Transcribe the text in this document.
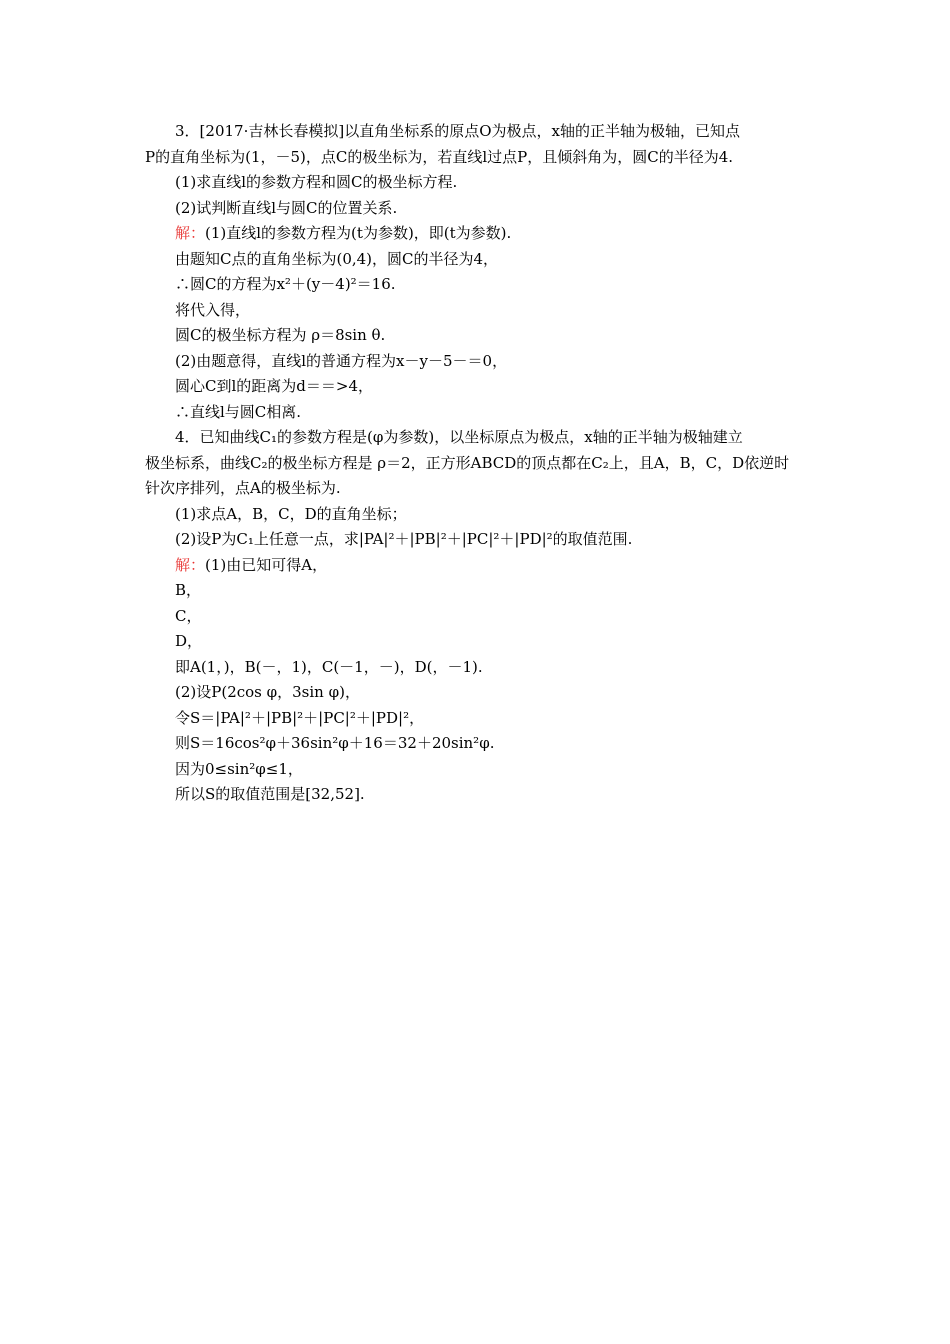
3．[2017·吉林长春模拟]以直角坐标系的原点O为极点，x轴的正半轴为极轴，已知点
P的直角坐标为(1，－5)，点C的极坐标为，若直线l过点P，且倾斜角为，圆C的半径为4.
(1)求直线l的参数方程和圆C的极坐标方程.
(2)试判断直线l与圆C的位置关系.
解：(1)直线l的参数方程为(t为参数)，即(t为参数).
由题知C点的直角坐标为(0,4)，圆C的半径为4，
∴圆C的方程为x²＋(y－4)²＝16.
将代入得，
圆C的极坐标方程为 ρ＝8sin θ.
(2)由题意得，直线l的普通方程为x－y－5－＝0，
圆心C到l的距离为d＝＝>4，
∴直线l与圆C相离.
4．已知曲线C₁的参数方程是(φ为参数)，以坐标原点为极点，x轴的正半轴为极轴建立
极坐标系，曲线C₂的极坐标方程是 ρ＝2，正方形ABCD的顶点都在C₂上，且A，B，C，D依逆时
针次序排列，点A的极坐标为.
(1)求点A，B，C，D的直角坐标；
(2)设P为C₁上任意一点，求|PA|²＋|PB|²＋|PC|²＋|PD|²的取值范围.
解：(1)由已知可得A，
B，
C，
D，
即A(1，)，B(－，1)，C(－1，－)，D(，－1).
(2)设P(2cos φ，3sin φ)，
令S＝|PA|²＋|PB|²＋|PC|²＋|PD|²，
则S＝16cos²φ＋36sin²φ＋16＝32＋20sin²φ.
因为0≤sin²φ≤1，
所以S的取值范围是[32,52].
